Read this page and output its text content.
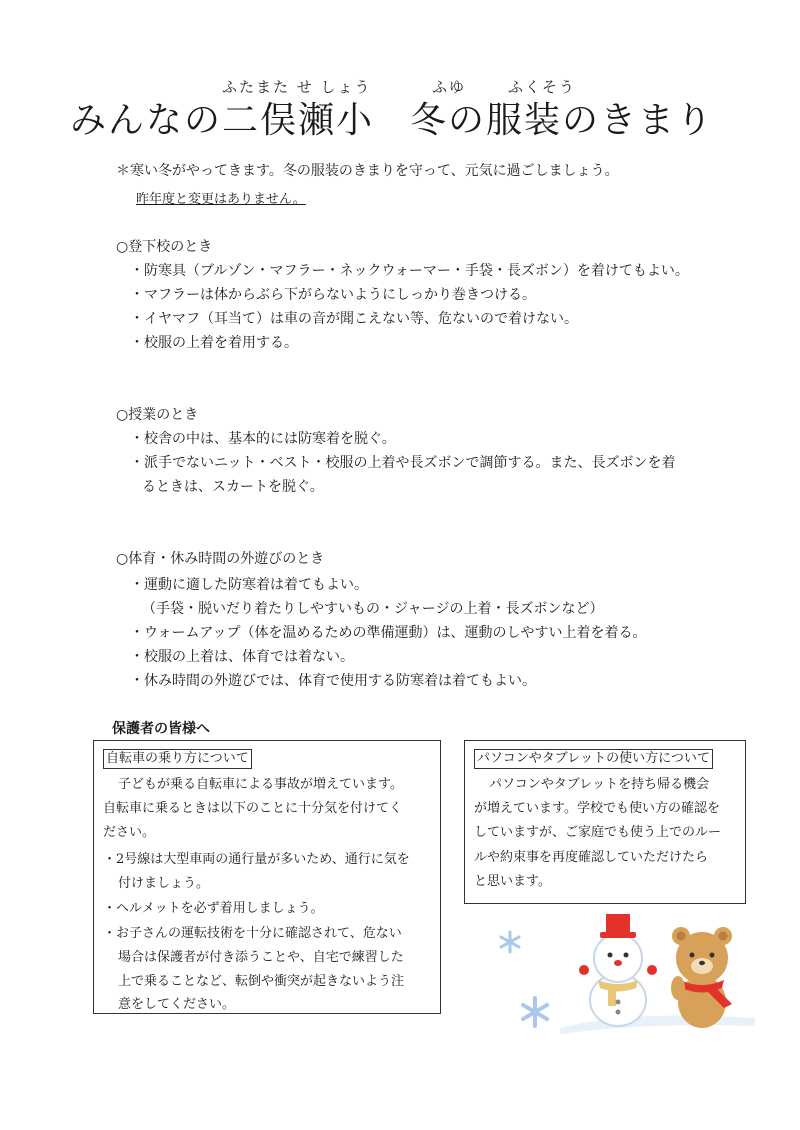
ふたまた せ しょう	ふゆ	ふくそう
みんなの二俣瀬小 冬の服装のきまり
＊寒い冬がやってきます。冬の服装のきまりを守って、元気に過ごしましょう。
昨年度と変更はありません。
○登下校のとき
・防寒具（ブルゾン・マフラー・ネックウォーマー・手袋・長ズボン）を着けてもよい。
・マフラーは体からぶら下がらないようにしっかり巻きつける。
・イヤマフ（耳当て）は車の音が聞こえない等、危ないので着けない。
・校服の上着を着用する。
○授業のとき
・校舎の中は、基本的には防寒着を脱ぐ。
・派手でないニット・ベスト・校服の上着や長ズボンで調節する。また、長ズボンを着
るときは、スカートを脱ぐ。
○体育・休み時間の外遊びのとき
・運動に適した防寒着は着てもよい。
（手袋・脱いだり着たりしやすいもの・ジャージの上着・長ズボンなど）
・ウォームアップ（体を温めるための準備運動）は、運動のしやすい上着を着る。
・校服の上着は、体育では着ない。
・休み時間の外遊びでは、体育で使用する防寒着は着てもよい。
保護者の皆様へ
自転車の乗り方について
子どもが乗る自転車による事故が増えています。
自転車に乗るときは以下のことに十分気を付けてく
ださい。
・2号線は大型車両の通行量が多いため、通行に気を
付けましょう。
・ヘルメットを必ず着用しましょう。
・お子さんの運転技術を十分に確認されて、危ない
場合は保護者が付き添うことや、自宅で練習した
上で乗ることなど、転倒や衝突が起きないよう注
意をしてください。
パソコンやタブレットの使い方について
パソコンやタブレットを持ち帰る機会
が増えています。学校でも使い方の確認を
していますが、ご家庭でも使う上でのルー
ルや約束事を再度確認していただけたら
と思います。
